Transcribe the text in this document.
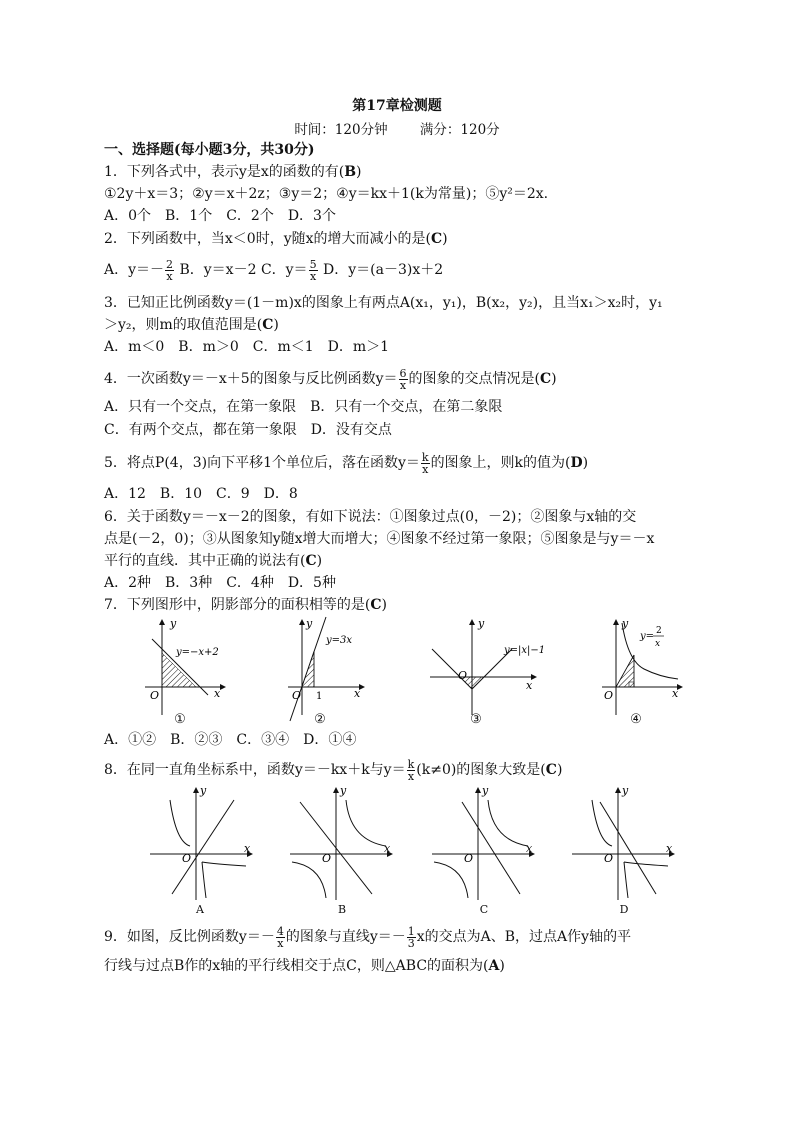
第17章检测题
时间：120分钟 满分：120分
一、选择题(每小题3分，共30分)
1．下列各式中，表示y是x的函数的有(B)
①2y＋x＝3；②y＝x＋2z；③y＝2；④y＝kx＋1(k为常量)；⑤y²＝2x.
A．0个　B．1个　C．2个　D．3个
2．下列函数中，当x＜0时，y随x的增大而减小的是(C)
A．$y=- \frac{2}{x}$ B．y＝x－2 C．$y= \frac{5}{x}$ D．y＝(a－3)x＋2
3．已知正比例函数y＝(1－m)x的图象上有两点A(x₁，y₁)，B(x₂，y₂)，且当x₁＞x₂时，y₁
＞y₂，则m的取值范围是(C)
A．m＜0　B．m＞0　C．m＜1　D．m＞1
4．一次函数y＝－x＋5的图象与反比例函数$y= \frac{6}{x}$ 的图象的交点情况是(C)
A．只有一个交点，在第一象限　B．只有一个交点，在第二象限
C．有两个交点，都在第一象限　D．没有交点
5．将点P(4，3)向下平移1个单位后，落在函数$y= \frac{k}{x}$ 的图象上，则k的值为(D)
A．12　B．10　C．9　D．8
6．关于函数y＝－x－2的图象，有如下说法：①图象过点(0，－2)；②图象与x轴的交
点是(－2，0)；③从图象知y随x增大而增大；④图象不经过第一象限；⑤图象是与y＝－x
平行的直线．其中正确的说法有(C)
A．2种　B．3种　C．4种　D．5种
7．下列图形中，阴影部分的面积相等的是(C)
y
x
O
y=−x+2
y
x
O 1
y=3x
y
x
O
y=|x|−1
y
x
O
y= 2
x
①	②	③	④
A．①②　B．②③　C．③④　D．①④
8．在同一直角坐标系中，函数y＝－kx＋k与$y= \frac{k}{x} (k\ne 0)$的图象大致是(C)
y
x
O
y
x
O
y
x
O
y
x
O
A	B	C	D
9．如图，反比例函数$y=- \frac{4}{x}$ 的图象与直线$y=- \frac{1}{3}$ x的交点为A、B，过点A作y轴的平
行线与过点B作的x轴的平行线相交于点C，则△ABC的面积为(A)
